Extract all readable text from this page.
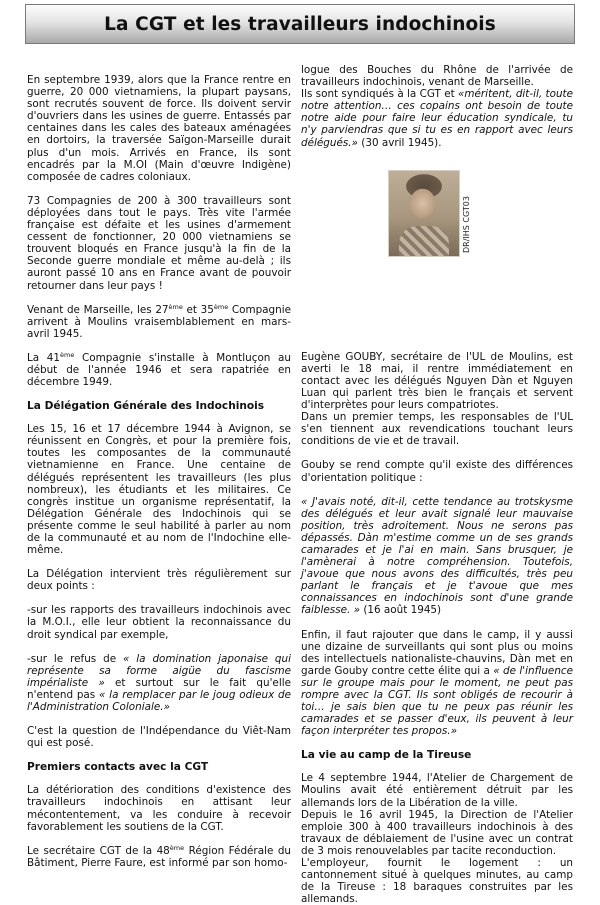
La CGT et les travailleurs indochinois

En septembre 1939, alors que la France rentre en guerre, 20 000 vietnamiens, la plupart paysans, sont recrutés souvent de force. Ils doivent servir d'ouvriers dans les usines de guerre. Entassés par centaines dans les cales des bateaux aménagées en dortoirs, la traversée Saïgon-Marseille durait plus d'un mois. Arrivés en France, ils sont encadrés par la M.OI (Main d'œuvre Indigène) composée de cadres coloniaux.

73 Compagnies de 200 à 300 travailleurs sont déployées dans tout le pays. Très vite l'armée française est défaite et les usines d'armement cessent de fonctionner, 20 000 vietnamiens se trouvent bloqués en France jusqu'à la fin de la Seconde guerre mondiale et même au-delà ; ils auront passé 10 ans en France avant de pouvoir retourner dans leur pays !

Venant de Marseille, les 27ème et 35ème Compagnie arrivent à Moulins vraisemblablement en mars-avril 1945.

La 41ème Compagnie s'installe à Montluçon au début de l'année 1946 et sera rapatriée en décembre 1949.

La Délégation Générale des Indochinois

Les 15, 16 et 17 décembre 1944 à Avignon, se réunissent en Congrès, et pour la première fois, toutes les composantes de la communauté vietnamienne en France. Une centaine de délégués représentent les travailleurs (les plus nombreux), les étudiants et les militaires. Ce congrès institue un organisme représentatif, la Délégation Générale des Indochinois qui se présente comme le seul habilité à parler au nom de la communauté et au nom de l'Indochine elle-même.

La Délégation intervient très régulièrement sur deux points :

-sur les rapports des travailleurs indochinois avec la M.O.I., elle leur obtient la reconnaissance du droit syndical par exemple,

-sur le refus de « la domination japonaise qui représente sa forme aigüe du fascisme impérialiste » et surtout sur le fait qu'elle n'entend pas « la remplacer par le joug odieux de l'Administration Coloniale.»

C'est la question de l'Indépendance du Viêt-Nam qui est posé.

Premiers contacts avec la CGT

La détérioration des conditions d'existence des travailleurs indochinois en attisant leur mécontentement, va les conduire à recevoir favorablement les soutiens de la CGT.

Le secrétaire CGT de la 48ème Région Fédérale du Bâtiment, Pierre Faure, est informé par son homo-

logue des Bouches du Rhône de l'arrivée de travailleurs indochinois, venant de Marseille.

Ils sont syndiqués à la CGT et «méritent, dit-il, toute notre attention… ces copains ont besoin de toute notre aide pour faire leur éducation syndicale, tu n'y parviendras que si tu es en rapport avec leurs délégués.» (30 avril 1945).

DR/IHS CGT03

Eugène GOUBY, secrétaire de l'UL de Moulins, est averti le 18 mai, il rentre immédiatement en contact avec les délégués Nguyen Dàn et Nguyen Luan qui parlent très bien le français et servent d'interprètes pour leurs compatriotes.

Dans un premier temps, les responsables de l'UL s'en tiennent aux revendications touchant leurs conditions de vie et de travail.

Gouby se rend compte qu'il existe des différences d'orientation politique :

« J'avais noté, dit-il, cette tendance au trotskysme des délégués et leur avait signalé leur mauvaise position, très adroitement. Nous ne serons pas dépassés. Dàn m'estime comme un de ses grands camarades et je l'ai en main. Sans brusquer, je l'amènerai à notre compréhension. Toutefois, j'avoue que nous avons des difficultés, très peu parlant le français et je t'avoue que mes connaissances en indochinois sont d'une grande faiblesse. » (16 août 1945)

Enfin, il faut rajouter que dans le camp, il y aussi une dizaine de surveillants qui sont plus ou moins des intellectuels nationaliste-chauvins, Dàn met en garde Gouby contre cette élite qui a « de l'influence sur le groupe mais pour le moment, ne peut pas rompre avec la CGT. Ils sont obligés de recourir à toi… je sais bien que tu ne peux pas réunir les camarades et se passer d'eux, ils peuvent à leur façon interpréter tes propos.»

La vie au camp de la Tireuse

Le 4 septembre 1944, l'Atelier de Chargement de Moulins avait été entièrement détruit par les allemands lors de la Libération de la ville.

Depuis le 16 avril 1945, la Direction de l'Atelier emploie 300 à 400 travailleurs indochinois à des travaux de déblaiement de l'usine avec un contrat de 3 mois renouvelables par tacite reconduction.

L'employeur, fournit le logement : un cantonnement situé à quelques minutes, au camp de la Tireuse : 18 baraques construites par les allemands.
